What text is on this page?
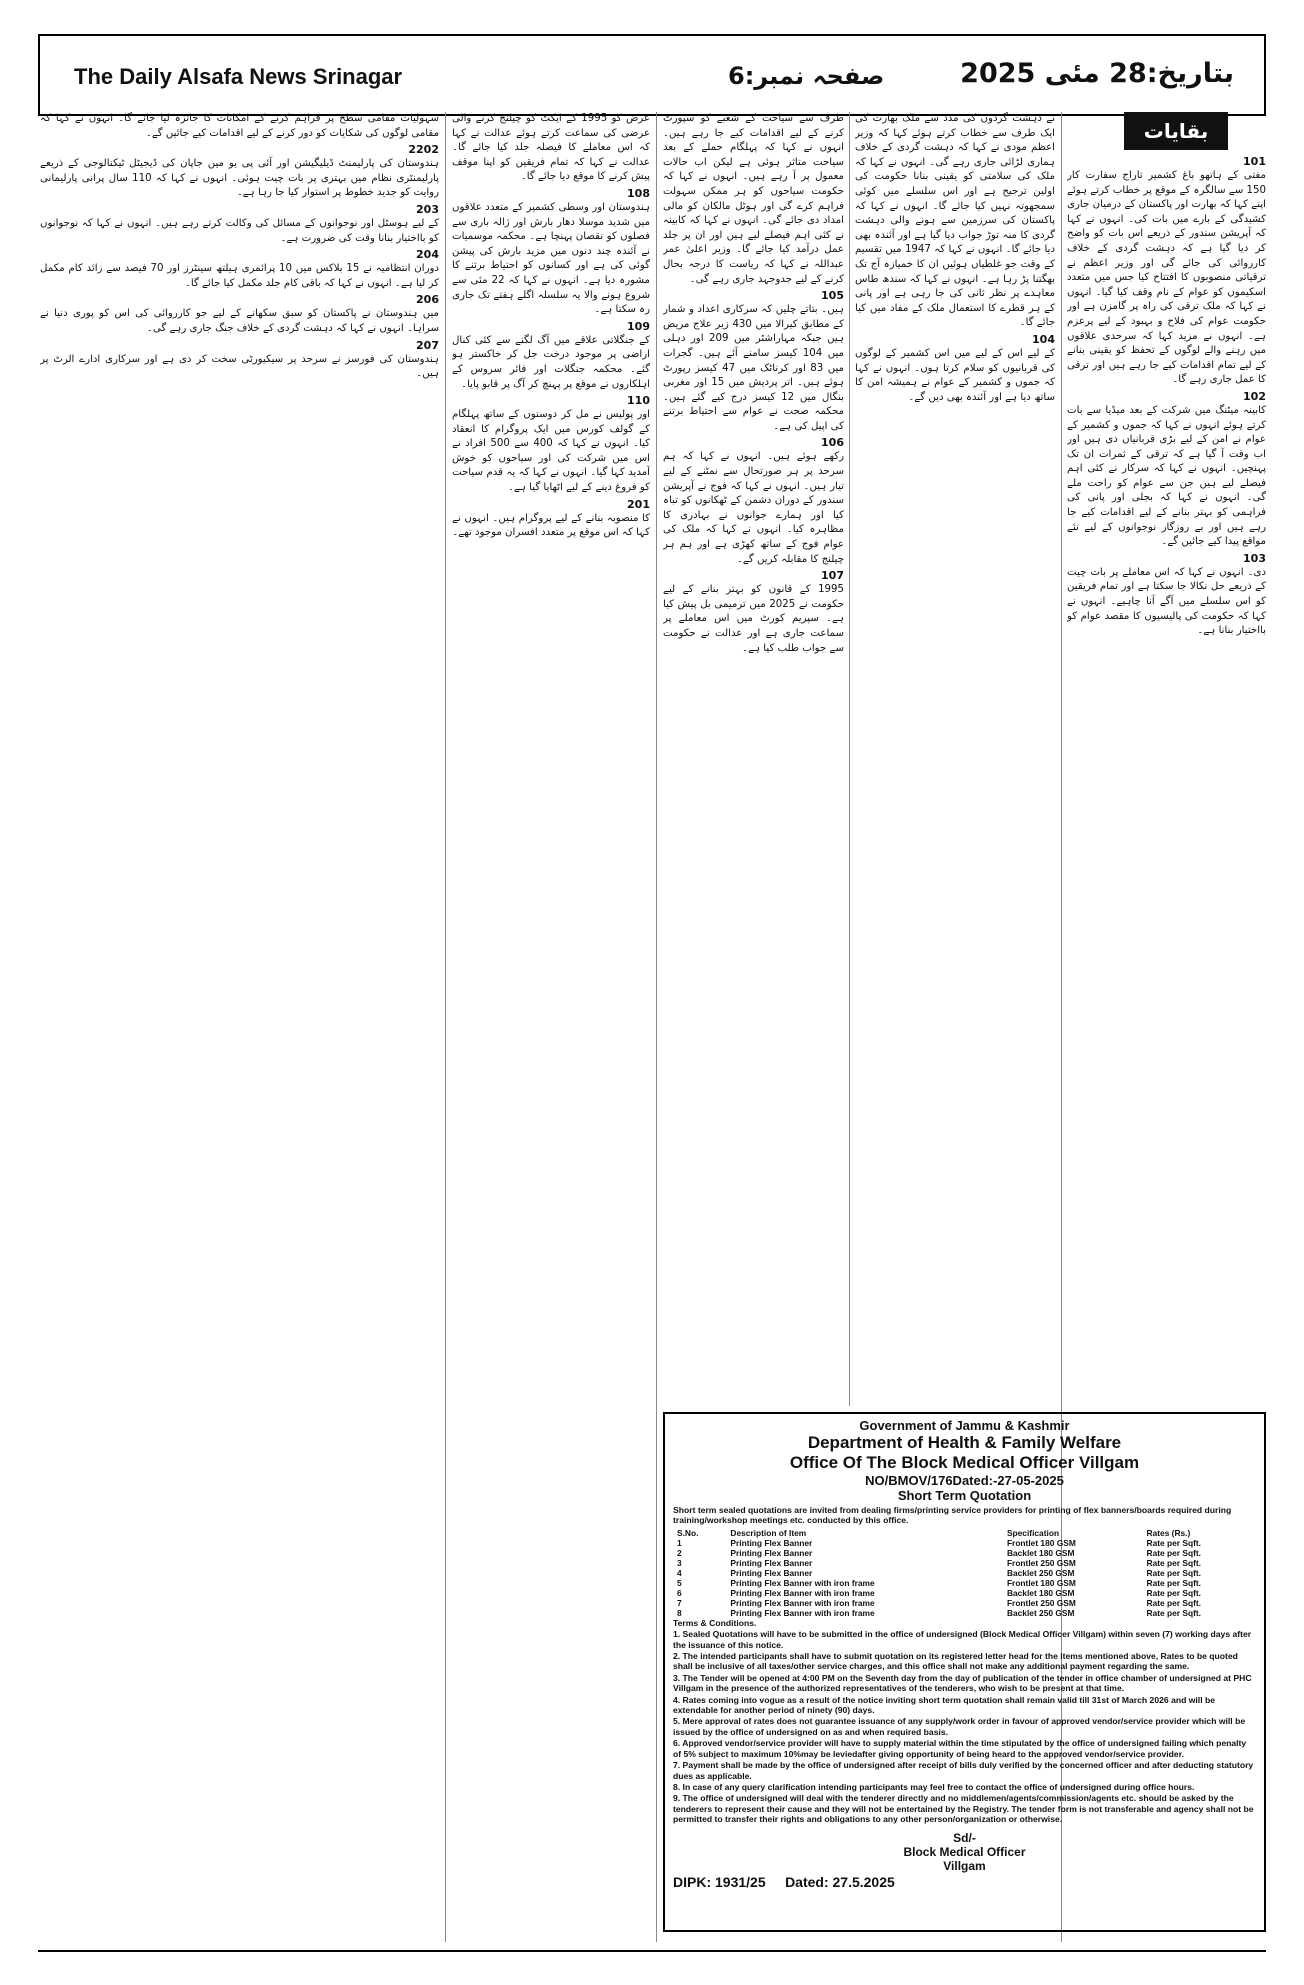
The Daily Alsafa News Srinagar	صفحہ نمبر:6	بتاریخ:28 مئی 2025
بقایات
101

مفتی کے ہاتھو باغ کشمیر تاراج سفارت کار 150 سے سالگرہ کے موقع پر خطاب کرتے ہوئے اپنے کہا کہ بھارت اور پاکستان کے درمیان جاری کشیدگی کے بارے میں بات کی۔ انہوں نے کہا کہ آپریشن سندور کے ذریعے اس بات کو واضح کر دیا گیا ہے کہ دہشت گردی کے خلاف کارروائی کی جائے گی اور وزیر اعظم نے ترقیاتی منصوبوں کا افتتاح کیا جس میں متعدد اسکیموں کو عوام کے نام وقف کیا گیا۔ انہوں نے کہا کہ ملک ترقی کی راہ پر گامزن ہے اور حکومت عوام کی فلاح و بہبود کے لیے پرعزم ہے۔ انہوں نے مزید کہا کہ سرحدی علاقوں میں رہنے والے لوگوں کے تحفظ کو یقینی بنانے کے لیے تمام اقدامات کیے جا رہے ہیں اور ترقی کا عمل جاری رہے گا۔

102

کابینہ میٹنگ میں شرکت کے بعد میڈیا سے بات کرتے ہوئے انہوں نے کہا کہ جموں و کشمیر کے عوام نے امن کے لیے بڑی قربانیاں دی ہیں اور اب وقت آ گیا ہے کہ ترقی کے ثمرات ان تک پہنچیں۔ انہوں نے کہا کہ سرکار نے کئی اہم فیصلے لیے ہیں جن سے عوام کو راحت ملے گی۔ انہوں نے کہا کہ بجلی اور پانی کی فراہمی کو بہتر بنانے کے لیے اقدامات کیے جا رہے ہیں اور بے روزگار نوجوانوں کے لیے نئے مواقع پیدا کیے جائیں گے۔

103

دی۔ انہوں نے کہا کہ اس معاملے پر بات چیت کے ذریعے حل نکالا جا سکتا ہے اور تمام فریقین کو اس سلسلے میں آگے آنا چاہیے۔ انہوں نے کہا کہ حکومت کی پالیسیوں کا مقصد عوام کو بااختیار بنانا ہے۔

نے دہشت گردوں کی مدد سے ملک بھارت کی ایک طرف سے خطاب کرتے ہوئے کہا کہ وزیر اعظم مودی نے کہا کہ دہشت گردی کے خلاف ہماری لڑائی جاری رہے گی۔ انہوں نے کہا کہ ملک کی سلامتی کو یقینی بنانا حکومت کی اولین ترجیح ہے اور اس سلسلے میں کوئی سمجھوتہ نہیں کیا جائے گا۔ انہوں نے کہا کہ پاکستان کی سرزمین سے ہونے والی دہشت گردی کا منہ توڑ جواب دیا گیا ہے اور آئندہ بھی دیا جائے گا۔ انہوں نے کہا کہ 1947 میں تقسیم کے وقت جو غلطیاں ہوئیں ان کا خمیازہ آج تک بھگتنا پڑ رہا ہے۔ انہوں نے کہا کہ سندھ طاس معاہدے پر نظر ثانی کی جا رہی ہے اور پانی کے ہر قطرے کا استعمال ملک کے مفاد میں کیا جائے گا۔

104

کے لیے اس کے لیے میں اس کشمیر کے لوگوں کی قربانیوں کو سلام کرتا ہوں۔ انہوں نے کہا کہ جموں و کشمیر کے عوام نے ہمیشہ امن کا ساتھ دیا ہے اور آئندہ بھی دیں گے۔

طرف سے سیاحت کے شعبے کو سپورٹ کرنے کے لیے اقدامات کیے جا رہے ہیں۔ انہوں نے کہا کہ پہلگام حملے کے بعد سیاحت متاثر ہوئی ہے لیکن اب حالات معمول پر آ رہے ہیں۔ انہوں نے کہا کہ حکومت سیاحوں کو ہر ممکن سہولت فراہم کرے گی اور ہوٹل مالکان کو مالی امداد دی جائے گی۔ انہوں نے کہا کہ کابینہ نے کئی اہم فیصلے لیے ہیں اور ان پر جلد عمل درآمد کیا جائے گا۔ وزیر اعلیٰ عمر عبداللہ نے کہا کہ ریاست کا درجہ بحال کرنے کے لیے جدوجہد جاری رہے گی۔

105

ہیں۔ بتاتے چلیں کہ سرکاری اعداد و شمار کے مطابق کیرالا میں 430 زیر علاج مریض ہیں جبکہ مہاراشٹر میں 209 اور دہلی میں 104 کیسز سامنے آئے ہیں۔ گجرات میں 83 اور کرناٹک میں 47 کیسز رپورٹ ہوئے ہیں۔ اتر پردیش میں 15 اور مغربی بنگال میں 12 کیسز درج کیے گئے ہیں۔ محکمہ صحت نے عوام سے احتیاط برتنے کی اپیل کی ہے۔

106

رکھے ہوئے ہیں۔ انہوں نے کہا کہ ہم سرحد پر ہر صورتحال سے نمٹنے کے لیے تیار ہیں۔ انہوں نے کہا کہ فوج نے آپریشن سندور کے دوران دشمن کے ٹھکانوں کو تباہ کیا اور ہمارے جوانوں نے بہادری کا مظاہرہ کیا۔ انہوں نے کہا کہ ملک کی عوام فوج کے ساتھ کھڑی ہے اور ہم ہر چیلنج کا مقابلہ کریں گے۔

107

1995 کے قانون کو بہتر بنانے کے لیے حکومت نے 2025 میں ترمیمی بل پیش کیا ہے۔ سپریم کورٹ میں اس معاملے پر سماعت جاری ہے اور عدالت نے حکومت سے جواب طلب کیا ہے۔

عرض کو 1995 کے ایکٹ کو چیلنج کرنے والی عرضی کی سماعت کرتے ہوئے عدالت نے کہا کہ اس معاملے کا فیصلہ جلد کیا جائے گا۔ عدالت نے کہا کہ تمام فریقین کو اپنا موقف پیش کرنے کا موقع دیا جائے گا۔

108

ہندوستان اور وسطی کشمیر کے متعدد علاقوں میں شدید موسلا دھار بارش اور ژالہ باری سے فصلوں کو نقصان پہنچا ہے۔ محکمہ موسمیات نے آئندہ چند دنوں میں مزید بارش کی پیشن گوئی کی ہے اور کسانوں کو احتیاط برتنے کا مشورہ دیا ہے۔ انہوں نے کہا کہ 22 مئی سے شروع ہونے والا یہ سلسلہ اگلے ہفتے تک جاری رہ سکتا ہے۔

109

کے جنگلاتی علاقے میں آگ لگنے سے کئی کنال اراضی پر موجود درخت جل کر خاکستر ہو گئے۔ محکمہ جنگلات اور فائر سروس کے اہلکاروں نے موقع پر پہنچ کر آگ پر قابو پایا۔

110

اور پولیس نے مل کر دوستوں کے ساتھ پہلگام کے گولف کورس میں ایک پروگرام کا انعقاد کیا۔ انہوں نے کہا کہ 400 سے 500 افراد نے اس میں شرکت کی اور سیاحوں کو خوش آمدید کہا گیا۔ انہوں نے کہا کہ یہ قدم سیاحت کو فروغ دینے کے لیے اٹھایا گیا ہے۔

201

کا منصوبہ بنانے کے لیے پروگرام ہیں۔ انہوں نے کہا کہ اس موقع پر متعدد افسران موجود تھے۔

سہولیات مقامی سطح پر فراہم کرنے کے امکانات کا جائزہ لیا جائے گا۔ انہوں نے کہا کہ مقامی لوگوں کی شکایات کو دور کرنے کے لیے اقدامات کیے جائیں گے۔

2202

ہندوستان کی پارلیمنٹ ڈیلیگیشن اور آئی پی یو میں جاپان کی ڈیجیٹل ٹیکنالوجی کے ذریعے پارلیمنٹری نظام میں بہتری پر بات چیت ہوئی۔ انہوں نے کہا کہ 110 سال پرانی پارلیمانی روایت کو جدید خطوط پر استوار کیا جا رہا ہے۔

203

کے لیے ہوسٹل اور نوجوانوں کے مسائل کی وکالت کرتے رہے ہیں۔ انہوں نے کہا کہ نوجوانوں کو بااختیار بنانا وقت کی ضرورت ہے۔

204

دوران انتظامیہ نے 15 بلاکس میں 10 پرائمری ہیلتھ سینٹرز اور 70 فیصد سے زائد کام مکمل کر لیا ہے۔ انہوں نے کہا کہ باقی کام جلد مکمل کیا جائے گا۔

206

میں ہندوستان نے پاکستان کو سبق سکھانے کے لیے جو کارروائی کی اس کو پوری دنیا نے سراہا۔ انہوں نے کہا کہ دہشت گردی کے خلاف جنگ جاری رہے گی۔

207

ہندوستان کی فورسز نے سرحد پر سیکیورٹی سخت کر دی ہے اور سرکاری ادارے الرٹ پر ہیں۔

Government of Jammu & Kashmir
Department of Health & Family Welfare
Office Of The Block Medical Officer Villgam
NO/BMOV/176Dated:-27-05-2025
Short Term Quotation
Short term sealed quotations are invited from dealing firms/printing service providers for printing of flex banners/boards required during training/workshop meetings etc. conducted by this office.
S.No.	Description of Item	Specification	Rates (Rs.)
1	Printing Flex Banner	Frontlet 180 GSM	Rate per Sqft.
2	Printing Flex Banner	Backlet 180 GSM	Rate per Sqft.
3	Printing Flex Banner	Frontlet 250 GSM	Rate per Sqft.
4	Printing Flex Banner	Backlet 250 GSM	Rate per Sqft.
5	Printing Flex Banner with iron frame	Frontlet 180 GSM	Rate per Sqft.
6	Printing Flex Banner with iron frame	Backlet 180 GSM	Rate per Sqft.
7	Printing Flex Banner with iron frame	Frontlet 250 GSM	Rate per Sqft.
8	Printing Flex Banner with iron frame	Backlet 250 GSM	Rate per Sqft.

Terms & Conditions.

1. Sealed Quotations will have to be submitted in the office of undersigned (Block Medical Officer Villgam) within seven (7) working days after the issuance of this notice.

2. The intended participants shall have to submit quotation on its registered letter head for the items mentioned above, Rates to be quoted shall be inclusive of all taxes/other service charges, and this office shall not make any additional payment regarding the same.

3. The Tender will be opened at 4:00 PM on the Seventh day from the day of publication of the tender in office chamber of undersigned at PHC Villgam in the presence of the authorized representatives of the tenderers, who wish to be present at that time.

4. Rates coming into vogue as a result of the notice inviting short term quotation shall remain valid till 31st of March 2026 and will be extendable for another period of ninety (90) days.

5. Mere approval of rates does not guarantee issuance of any supply/work order in favour of approved vendor/service provider which will be issued by the office of undersigned on as and when required basis.

6. Approved vendor/service provider will have to supply material within the time stipulated by the office of undersigned failing which penalty of 5% subject to maximum 10%may be leviedafter giving opportunity of being heard to the approved vendor/service provider.

7. Payment shall be made by the office of undersigned after receipt of bills duly verified by the concerned officer and after deducting statutory dues as applicable.

8. In case of any query clarification intending participants may feel free to contact the office of undersigned during office hours.

9. The office of undersigned will deal with the tenderer directly and no middlemen/agents/commission/agents etc. should be asked by the tenderers to represent their cause and they will not be entertained by the Registry. The tender form is not transferable and agency shall not be permitted to transfer their rights and obligations to any other person/organization or otherwise.

Sd/-
Block Medical Officer
Villgam
DIPK: 1931/25 Dated: 27.5.2025
